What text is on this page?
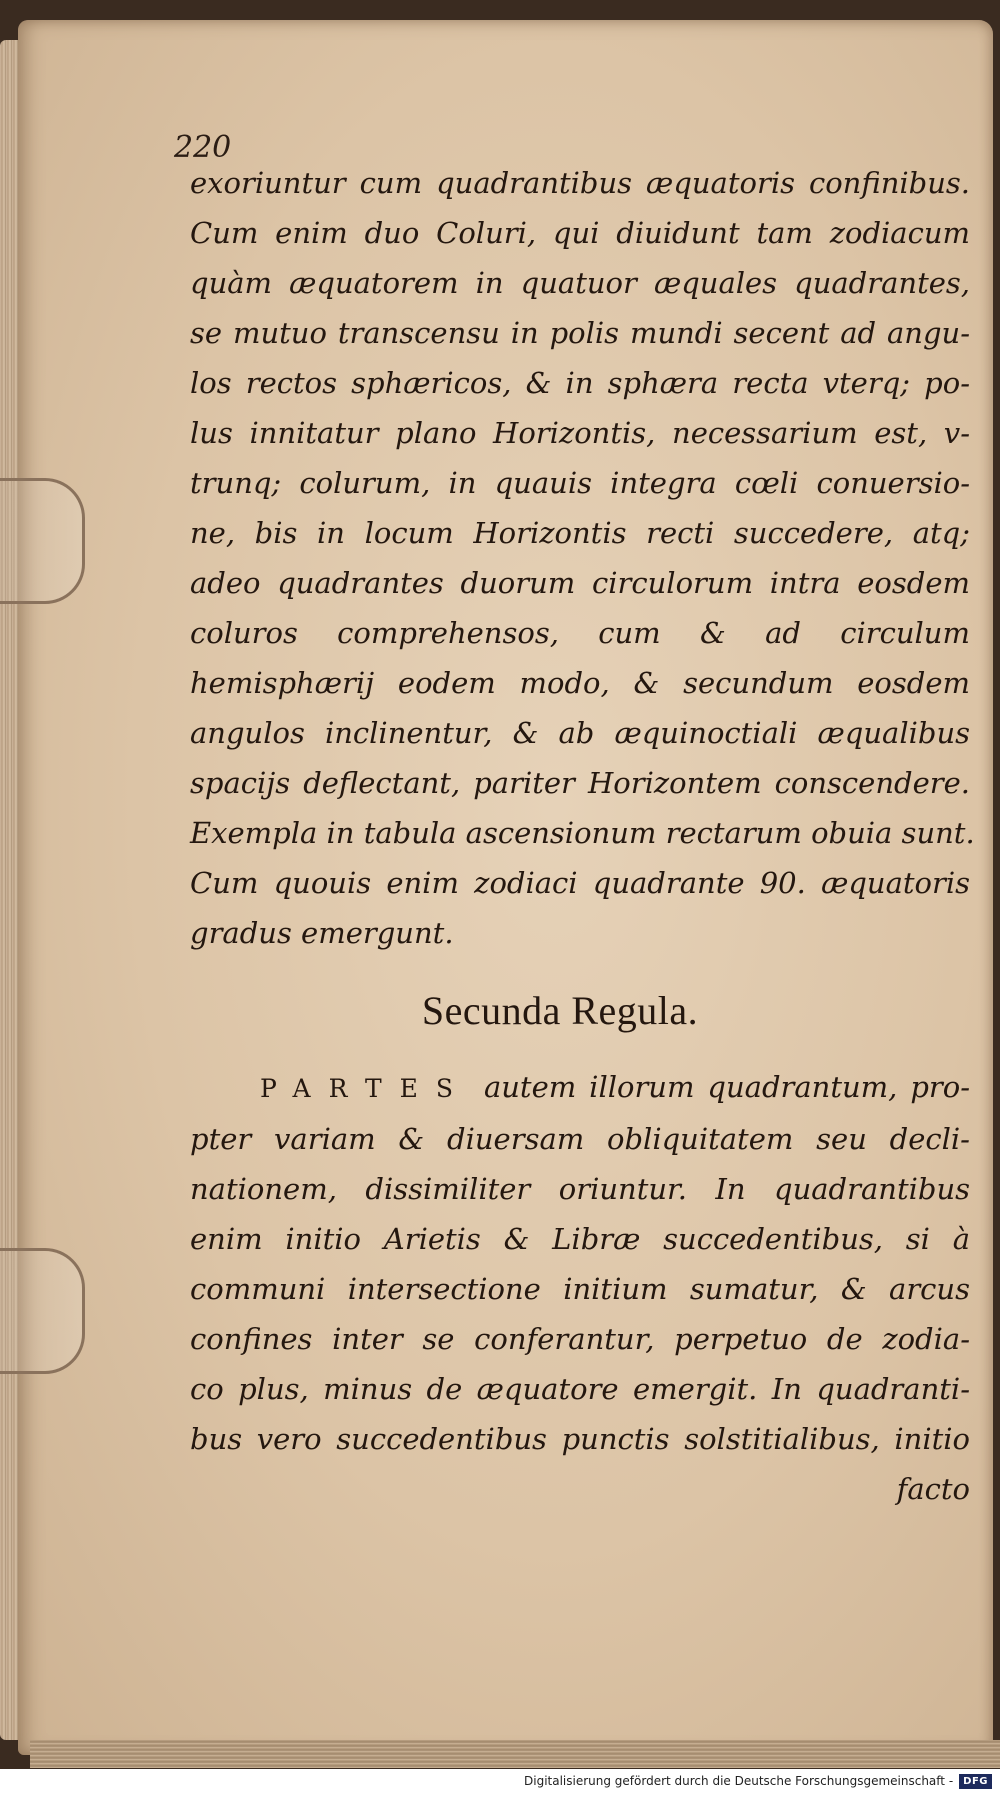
220
exoriuntur cum quadrantibus æquatoris confinibus.
Cum enim duo Coluri, qui diuidunt tam zodiacum
quàm æquatorem in quatuor æquales quadrantes,
se mutuo transcensu in polis mundi secent ad angu-
los rectos sphæricos, & in sphæra recta vterq; po-
lus innitatur plano Horizontis, necessarium est, v-
trunq; colurum, in quauis integra cœli conuersio-
ne, bis in locum Horizontis recti succedere, atq;
adeo quadrantes duorum circulorum intra eosdem
coluros comprehensos, cum & ad circulum
hemisphærij eodem modo, & secundum eosdem
angulos inclinentur, & ab æquinoctiali æqualibus
spacijs deflectant, pariter Horizontem conscendere.
Exempla in tabula ascensionum rectarum obuia sunt.
Cum quouis enim zodiaci quadrante 90. æquatoris
gradus emergunt.
Secunda Regula.
PARTES autem illorum quadrantum, pro-
pter variam & diuersam obliquitatem seu decli-
nationem, dissimiliter oriuntur. In quadrantibus
enim initio Arietis & Libræ succedentibus, si à
communi intersectione initium sumatur, & arcus
confines inter se conferantur, perpetuo de zodia-
co plus, minus de æquatore emergit. In quadranti-
bus vero succedentibus punctis solstitialibus, initio
facto
Digitalisierung gefördert durch die Deutsche Forschungsgemeinschaft -	DFG
